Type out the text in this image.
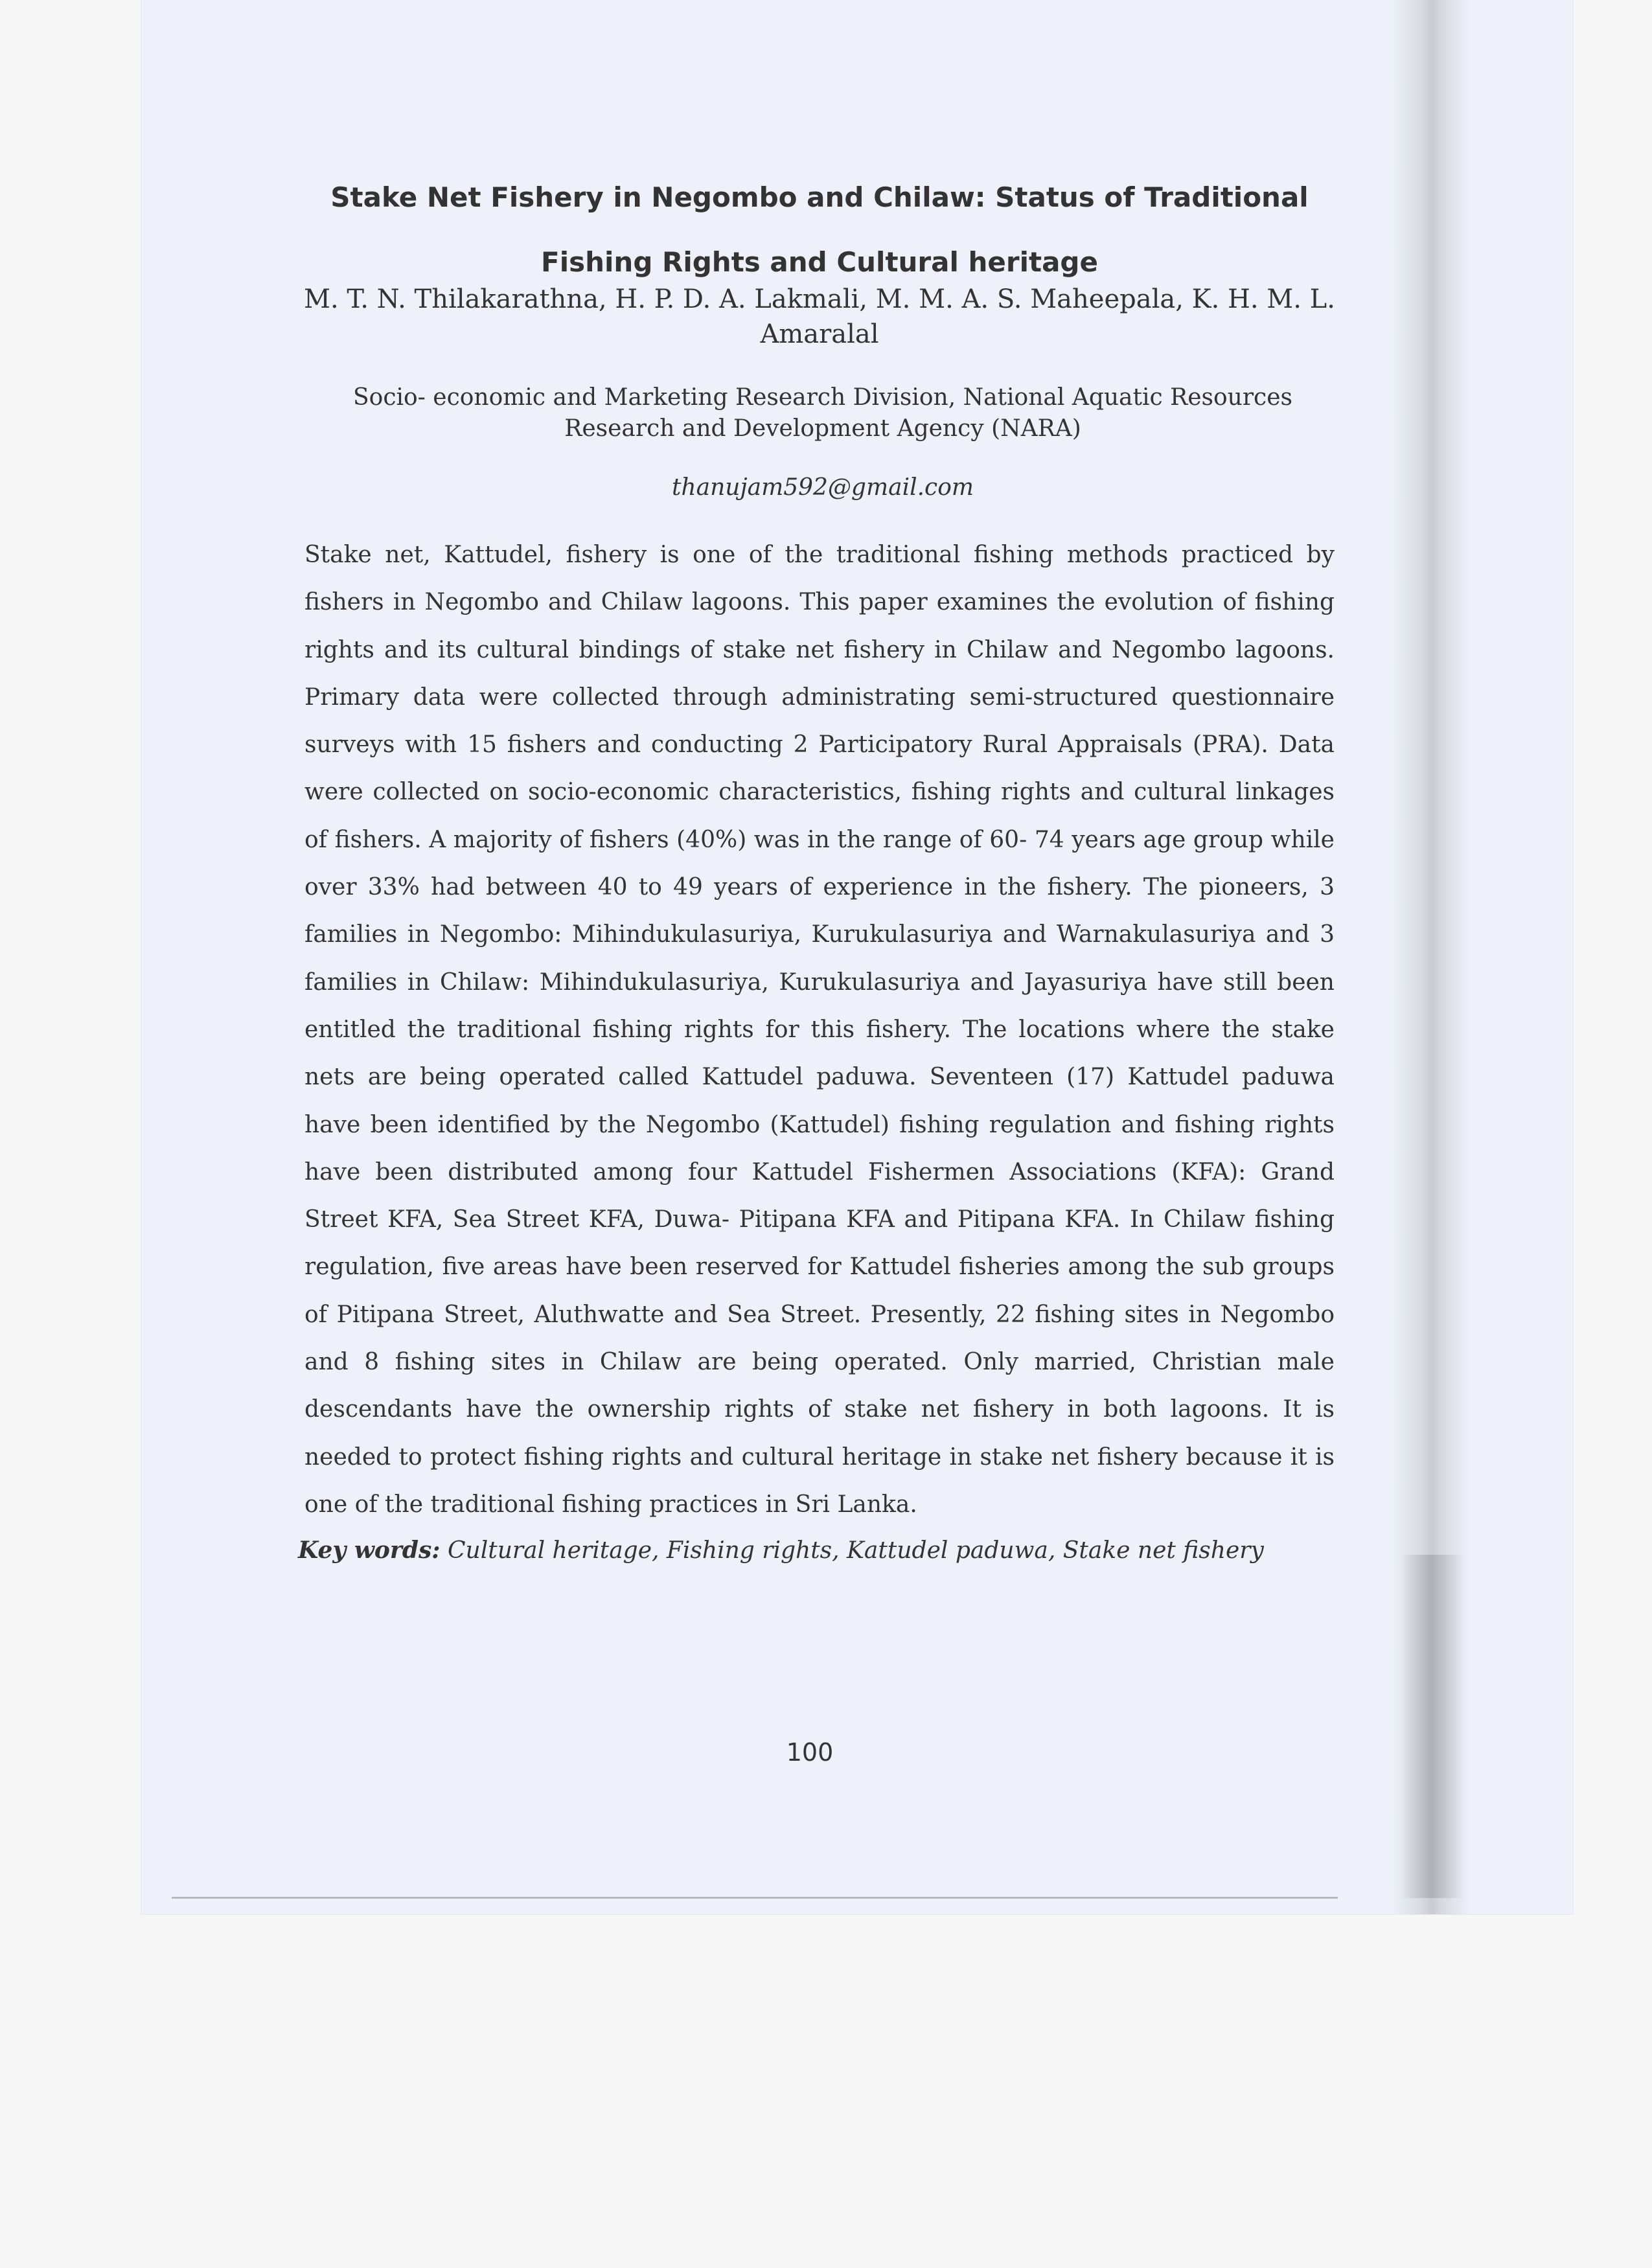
Stake Net Fishery in Negombo and Chilaw: Status of Traditional Fishing Rights and Cultural heritage
M. T. N. Thilakarathna, H. P. D. A. Lakmali, M. M. A. S. Maheepala, K. H. M. L. Amaralal
Socio- economic and Marketing Research Division, National Aquatic Resources Research and Development Agency (NARA)
thanujam592@gmail.com
Stake net, Kattudel, fishery is one of the traditional fishing methods practiced by fishers in Negombo and Chilaw lagoons. This paper examines the evolution of fishing rights and its cultural bindings of stake net fishery in Chilaw and Negombo lagoons. Primary data were collected through administrating semi-structured questionnaire surveys with 15 fishers and conducting 2 Participatory Rural Appraisals (PRA). Data were collected on socio-economic characteristics, fishing rights and cultural linkages of fishers. A majority of fishers (40%) was in the range of 60- 74 years age group while over 33% had between 40 to 49 years of experience in the fishery. The pioneers, 3 families in Negombo: Mihindukulasuriya, Kurukulasuriya and Warnakulasuriya and 3 families in Chilaw: Mihindukulasuriya, Kurukulasuriya and Jayasuriya have still been entitled the traditional fishing rights for this fishery. The locations where the stake nets are being operated called Kattudel paduwa. Seventeen (17) Kattudel paduwa have been identified by the Negombo (Kattudel) fishing regulation and fishing rights have been distributed among four Kattudel Fishermen Associations (KFA): Grand Street KFA, Sea Street KFA, Duwa- Pitipana KFA and Pitipana KFA. In Chilaw fishing regulation, five areas have been reserved for Kattudel fisheries among the sub groups of Pitipana Street, Aluthwatte and Sea Street. Presently, 22 fishing sites in Negombo and 8 fishing sites in Chilaw are being operated. Only married, Christian male descendants have the ownership rights of stake net fishery in both lagoons. It is needed to protect fishing rights and cultural heritage in stake net fishery because it is one of the traditional fishing practices in Sri Lanka.
Key words: Cultural heritage, Fishing rights, Kattudel paduwa, Stake net fishery
100
